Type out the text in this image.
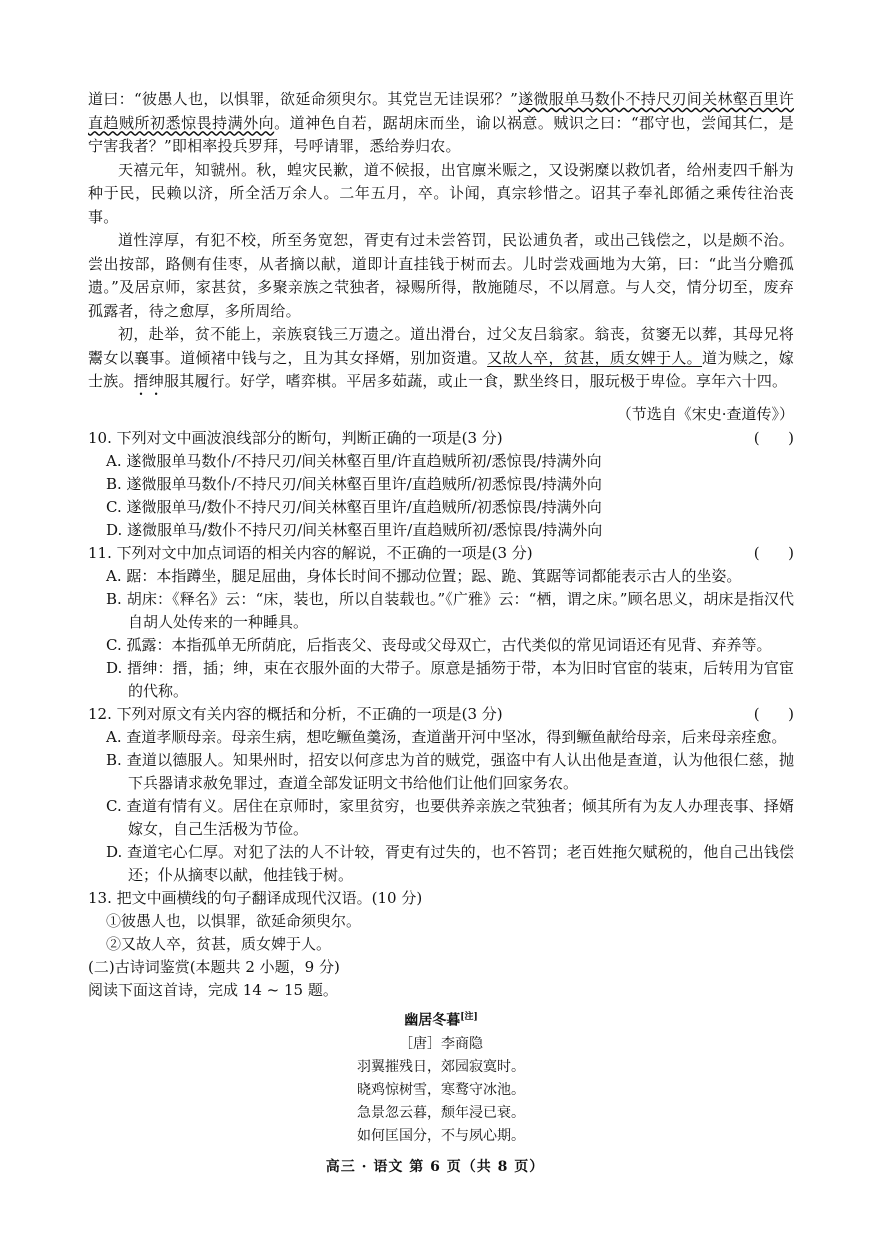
道曰：“彼愚人也，以惧罪，欲延命须臾尔。其党岂无诖误邪？”遂微服单马数仆不持尺刃间关林壑百里许直趋贼所初悉惊畏持满外向。道神色自若，踞胡床而坐，谕以祸意。贼识之曰：“郡守也，尝闻其仁，是宁害我者？”即相率投兵罗拜，号呼请罪，悉给券归农。

天禧元年，知虢州。秋，蝗灾民歉，道不候报，出官廪米赈之，又设粥糜以救饥者，给州麦四千斛为种于民，民赖以济，所全活万余人。二年五月，卒。讣闻，真宗轸惜之。诏其子奉礼郎循之乘传往治丧事。

道性淳厚，有犯不校，所至务宽恕，胥吏有过未尝笞罚，民讼逋负者，或出己钱偿之，以是颇不治。尝出按部，路侧有佳枣，从者摘以献，道即计直挂钱于树而去。儿时尝戏画地为大第，曰：“此当分赡孤遗。”及居京师，家甚贫，多聚亲族之茕独者，禄赐所得，散施随尽，不以屑意。与人交，情分切至，废弃孤露者，待之愈厚，多所周给。

初，赴举，贫不能上，亲族裒钱三万遗之。道出滑台，过父友吕翁家。翁丧，贫窭无以葬，其母兄将鬻女以襄事。道倾褚中钱与之，且为其女择婿，别加资遣。又故人卒，贫甚，质女婢于人。道为赎之，嫁士族。搢绅服其履行。好学，嗜弈棋。平居多茹蔬，或止一食，默坐终日，服玩极于卑俭。享年六十四。

（节选自《宋史·查道传》）

10. 下列对文中画波浪线部分的断句，判断正确的一项是(3 分)	(      )

A. 遂微服单马数仆/不持尺刃/间关林壑百里/许直趋贼所初/悉惊畏/持满外向

B. 遂微服单马数仆/不持尺刃/间关林壑百里许/直趋贼所/初悉惊畏/持满外向

C. 遂微服单马/数仆不持尺刃/间关林壑百里许/直趋贼所/初悉惊畏/持满外向

D. 遂微服单马/数仆不持尺刃/间关林壑百里许/直趋贼所初/悉惊畏/持满外向

11. 下列对文中加点词语的相关内容的解说，不正确的一项是(3 分)	(      )

A. 踞：本指蹲坐，腿足屈曲，身体长时间不挪动位置；跽、跪、箕踞等词都能表示古人的坐姿。

B. 胡床：《释名》云：“床，装也，所以自装载也。”《广雅》云：“栖，谓之床。”顾名思义，胡床是指汉代自胡人处传来的一种睡具。

C. 孤露：本指孤单无所荫庇，后指丧父、丧母或父母双亡，古代类似的常见词语还有见背、弃养等。

D. 搢绅：搢，插；绅，束在衣服外面的大带子。原意是插笏于带，本为旧时官宦的装束，后转用为官宦的代称。

12. 下列对原文有关内容的概括和分析，不正确的一项是(3 分)	(      )

A. 查道孝顺母亲。母亲生病，想吃鳜鱼羹汤，查道凿开河中坚冰，得到鳜鱼献给母亲，后来母亲痊愈。

B. 查道以德服人。知果州时，招安以何彦忠为首的贼党，强盗中有人认出他是查道，认为他很仁慈，抛下兵器请求赦免罪过，查道全部发证明文书给他们让他们回家务农。

C. 查道有情有义。居住在京师时，家里贫穷，也要供养亲族之茕独者；倾其所有为友人办理丧事、择婿嫁女，自己生活极为节俭。

D. 查道宅心仁厚。对犯了法的人不计较，胥吏有过失的，也不笞罚；老百姓拖欠赋税的，他自己出钱偿还；仆从摘枣以献，他挂钱于树。

13. 把文中画横线的句子翻译成现代汉语。(10 分)

①彼愚人也，以惧罪，欲延命须臾尔。

②又故人卒，贫甚，质女婢于人。

(二)古诗词鉴赏(本题共 2 小题，9 分)

阅读下面这首诗，完成 14 ~ 15 题。

幽居冬暮[注]

［唐］李商隐

羽翼摧残日，郊园寂寞时。

晓鸡惊树雪，寒鹜守冰池。

急景忽云暮，颓年浸已衰。

如何匡国分，不与夙心期。

高三 · 语文 第 6 页（共 8 页）
